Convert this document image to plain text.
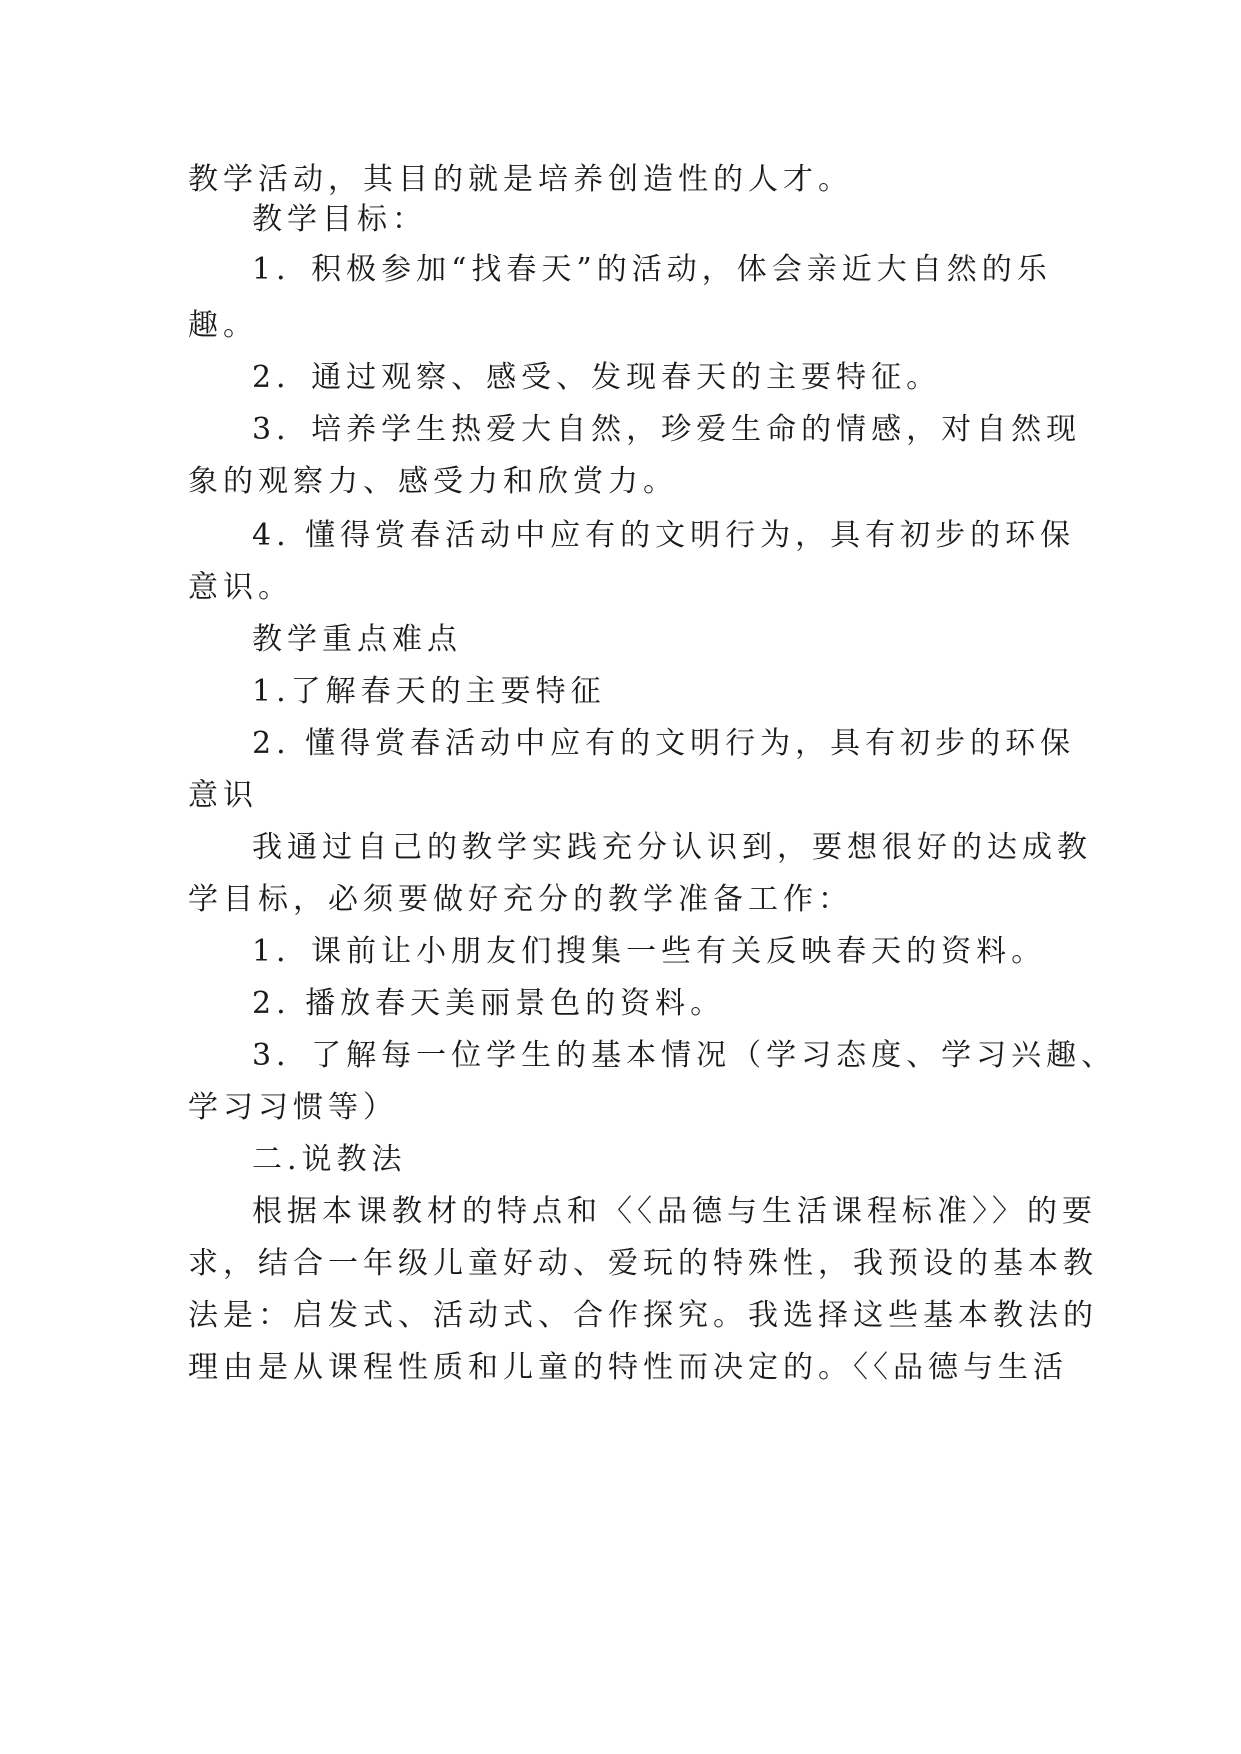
教学活动，其目的就是培养创造性的人才。
教学目标：
1．积极参加“找春天”的活动，体会亲近大自然的乐
趣。
2．通过观察、感受、发现春天的主要特征。
3．培养学生热爱大自然，珍爱生命的情感，对自然现
象的观察力、感受力和欣赏力。
4. 懂得赏春活动中应有的文明行为，具有初步的环保
意识。
教学重点难点
1.了解春天的主要特征
2. 懂得赏春活动中应有的文明行为，具有初步的环保
意识
我通过自己的教学实践充分认识到，要想很好的达成教
学目标，必须要做好充分的教学准备工作：
1．课前让小朋友们搜集一些有关反映春天的资料。
2. 播放春天美丽景色的资料。
3．了解每一位学生的基本情况（学习态度、学习兴趣、
学习习惯等）
二.说教法
根据本课教材的特点和〈〈品德与生活课程标准〉〉的要
求，结合一年级儿童好动、爱玩的特殊性，我预设的基本教
法是：启发式、活动式、合作探究。我选择这些基本教法的
理由是从课程性质和儿童的特性而决定的。〈〈品德与生活
